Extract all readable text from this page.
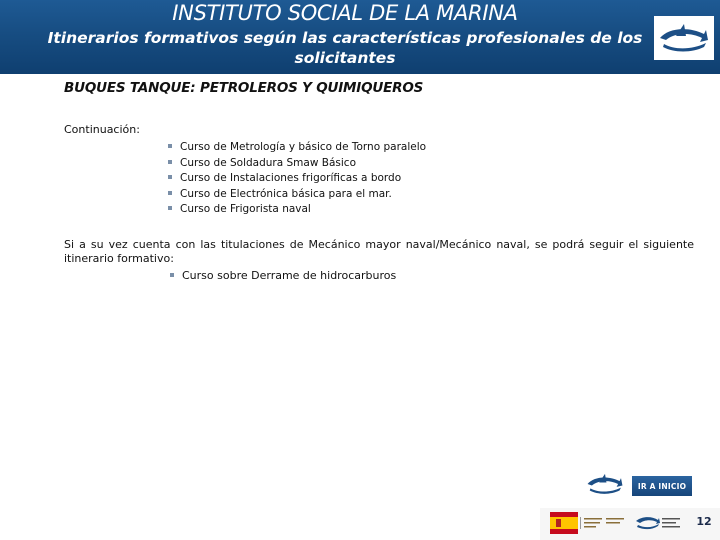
INSTITUTO SOCIAL DE LA MARINA
Itinerarios formativos según las características profesionales de los solicitantes
BUQUES TANQUE: PETROLEROS Y QUIMIQUEROS
Continuación:
Curso de Metrología y básico de Torno paralelo
Curso de Soldadura Smaw Básico
Curso de Instalaciones frigoríficas a bordo
Curso de Electrónica básica para el mar.
Curso de Frigorista naval
Si a su vez cuenta con las titulaciones de Mecánico mayor naval/Mecánico naval, se podrá seguir el siguiente itinerario formativo:
Curso sobre Derrame de hidrocarburos
IR A INICIO
12
